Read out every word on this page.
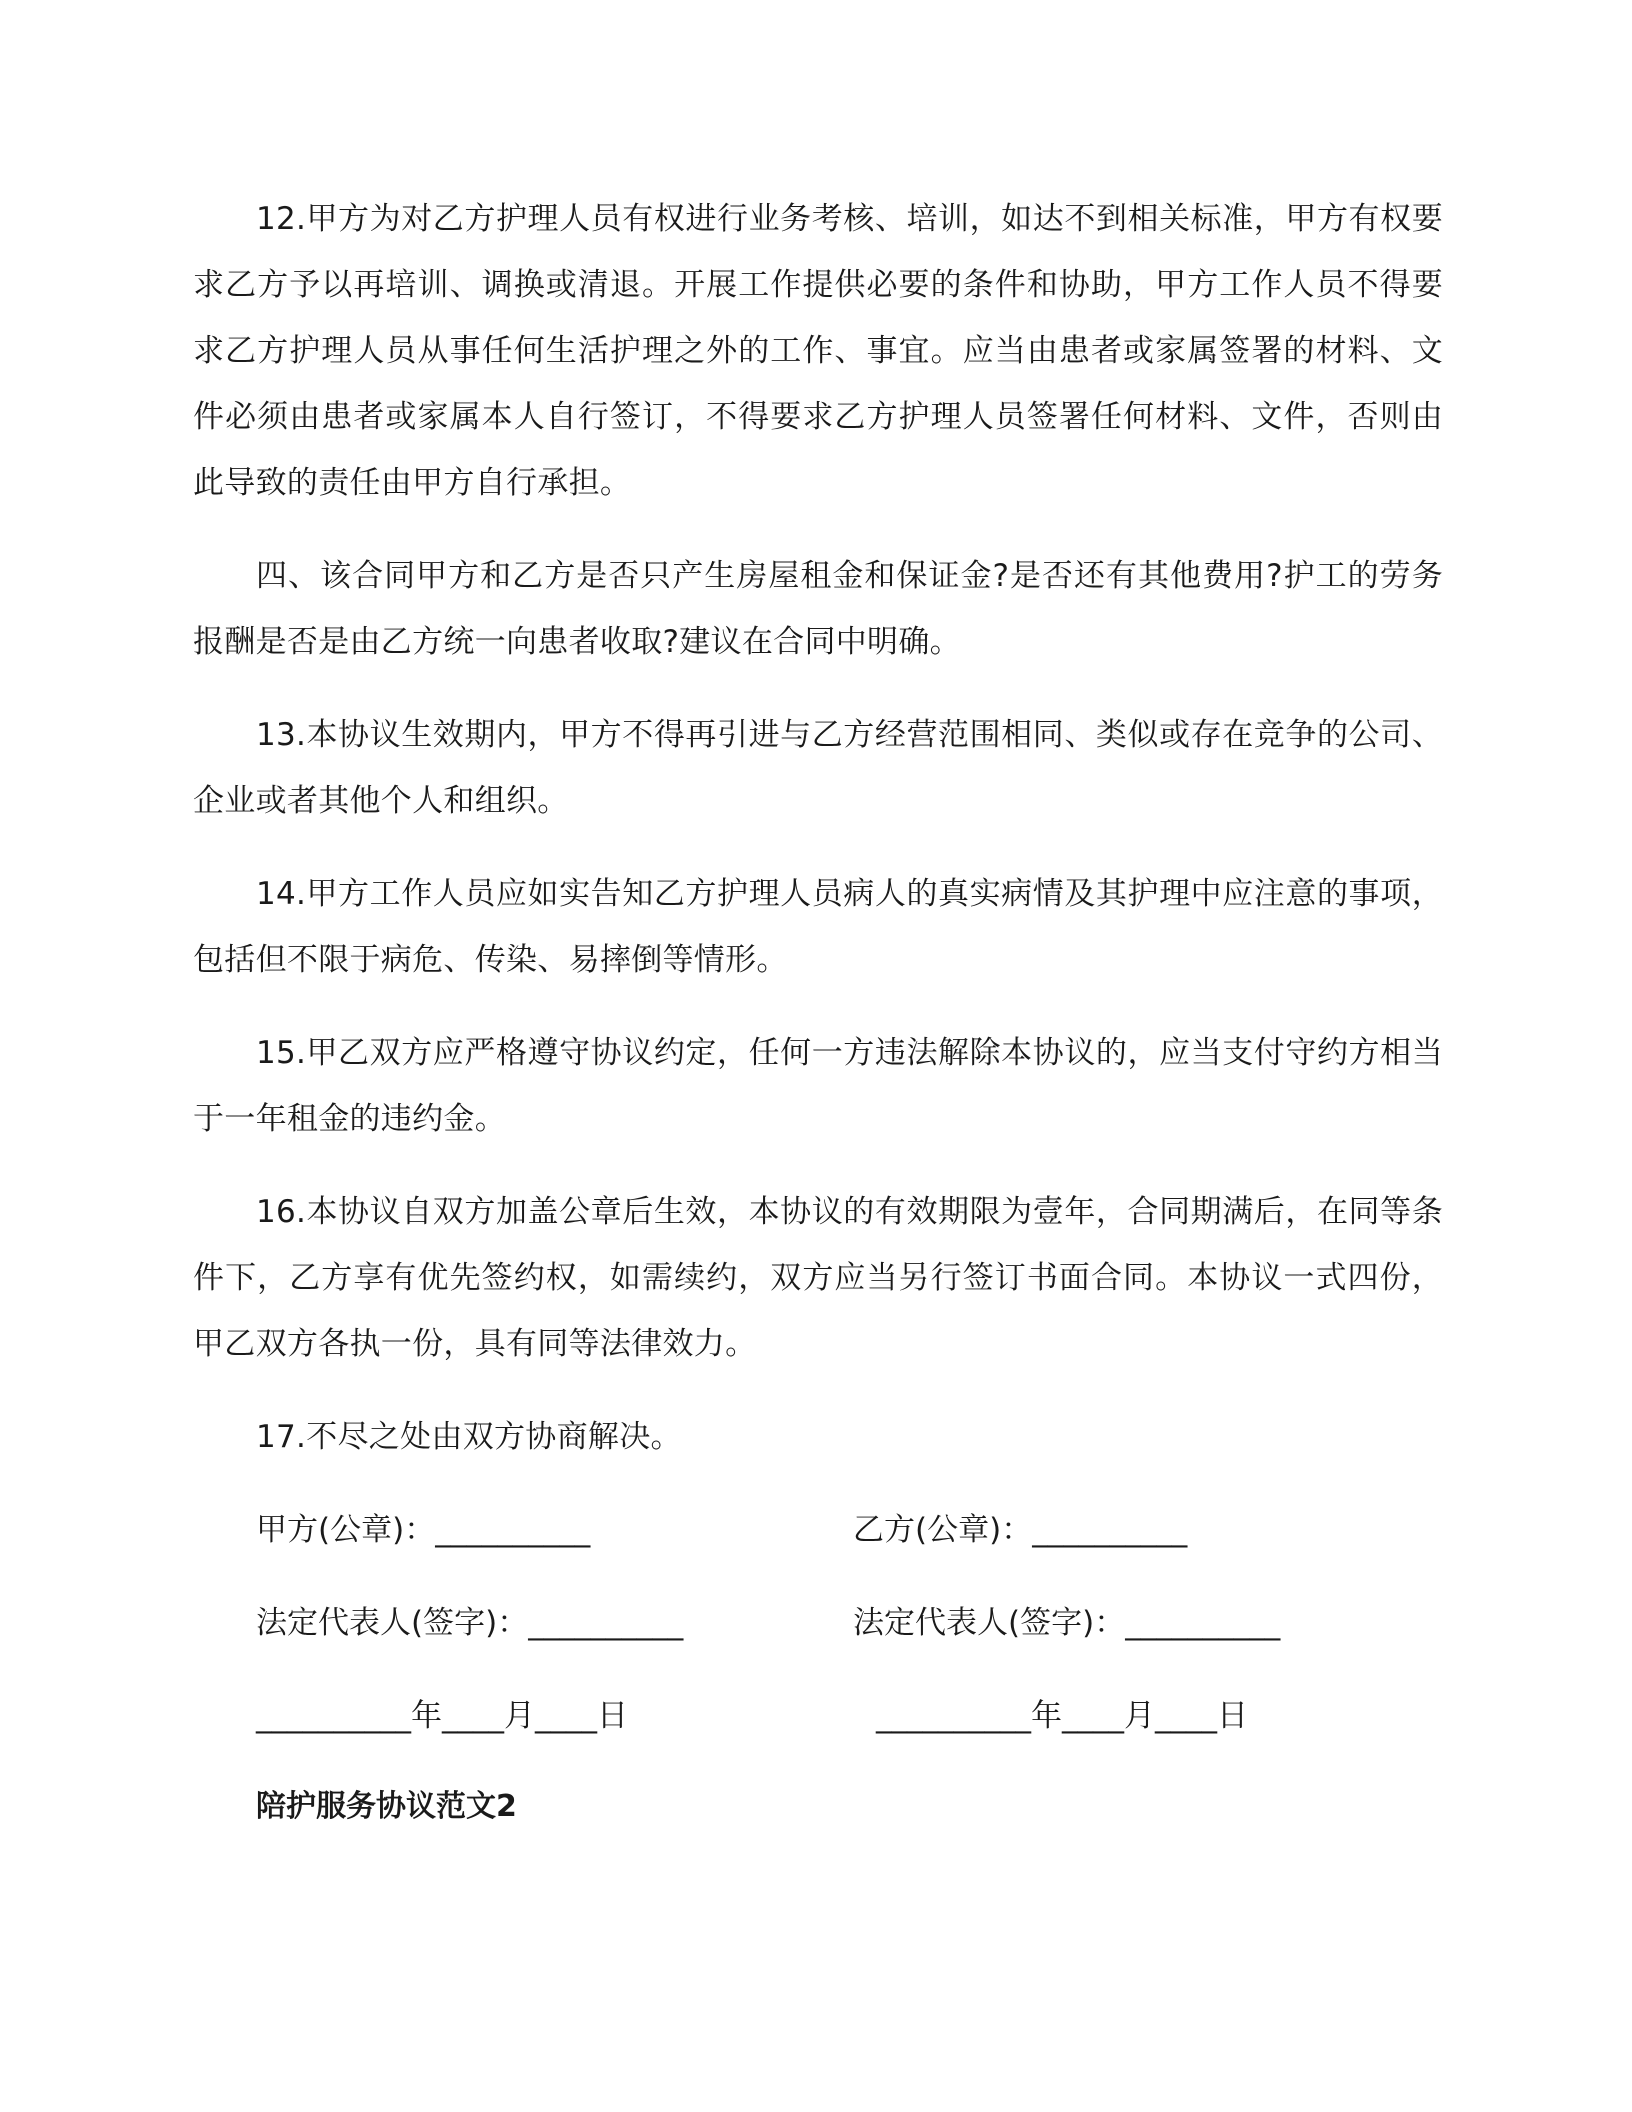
12.甲方为对乙方护理人员有权进行业务考核、培训，如达不到相关标准，甲方有权要求乙方予以再培训、调换或清退。开展工作提供必要的条件和协助，甲方工作人员不得要求乙方护理人员从事任何生活护理之外的工作、事宜。应当由患者或家属签署的材料、文件必须由患者或家属本人自行签订，不得要求乙方护理人员签署任何材料、文件，否则由此导致的责任由甲方自行承担。

四、该合同甲方和乙方是否只产生房屋租金和保证金?是否还有其他费用?护工的劳务报酬是否是由乙方统一向患者收取?建议在合同中明确。

13.本协议生效期内，甲方不得再引进与乙方经营范围相同、类似或存在竞争的公司、企业或者其他个人和组织。

14.甲方工作人员应如实告知乙方护理人员病人的真实病情及其护理中应注意的事项，包括但不限于病危、传染、易摔倒等情形。

15.甲乙双方应严格遵守协议约定，任何一方违法解除本协议的，应当支付守约方相当于一年租金的违约金。

16.本协议自双方加盖公章后生效，本协议的有效期限为壹年，合同期满后，在同等条件下，乙方享有优先签约权，如需续约，双方应当另行签订书面合同。本协议一式四份，甲乙双方各执一份，具有同等法律效力。

17.不尽之处由双方协商解决。

甲方(公章)：__________	乙方(公章)：__________
法定代表人(签字)：__________	法定代表人(签字)：__________
__________年____月____日	__________年____月____日
陪护服务协议范文2
